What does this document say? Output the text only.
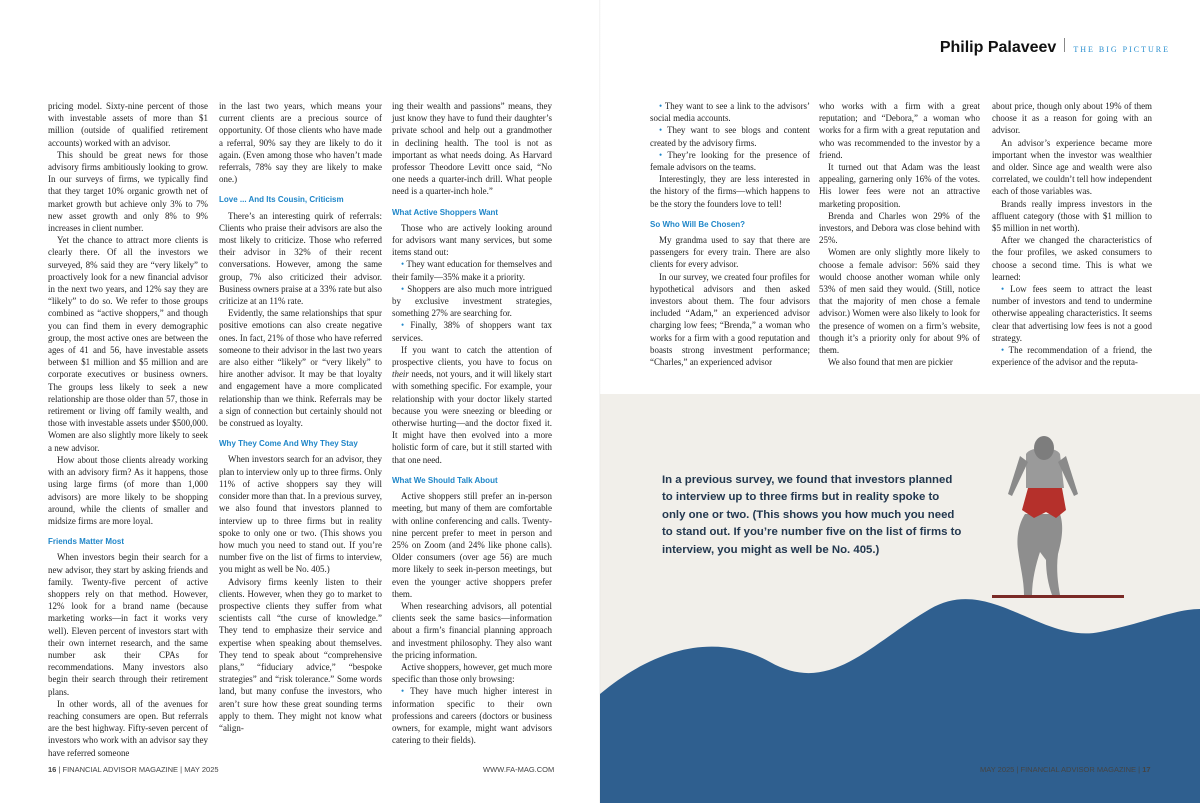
pricing model. Sixty-nine percent of those with investable assets of more than $1 million (outside of qualified retirement accounts) worked with an advisor.

This should be great news for those advisory firms ambitiously looking to grow. In our surveys of firms, we typically find that they target 10% organic growth net of market growth but achieve only 3% to 7% new asset growth and only 8% to 9% increases in client number.

Yet the chance to attract more clients is clearly there. Of all the investors we surveyed, 8% said they are “very likely” to proactively look for a new financial advisor in the next two years, and 12% say they are “likely” to do so. We refer to those groups combined as “active shoppers,” and though you can find them in every demographic group, the most active ones are between the ages of 41 and 56, have investable assets between $1 million and $5 million and are corporate executives or business owners. The groups less likely to seek a new relationship are those older than 57, those in retirement or living off family wealth, and those with investable assets under $500,000. Women are also slightly more likely to seek a new advisor.

How about those clients already working with an advisory firm? As it happens, those using large firms (of more than 1,000 advisors) are more likely to be shopping around, while the clients of smaller and midsize firms are more loyal.

Friends Matter Most

When investors begin their search for a new advisor, they start by asking friends and family. Twenty-five percent of active shoppers rely on that method. However, 12% look for a brand name (because marketing works—in fact it works very well). Eleven percent of investors start with their own internet research, and the same number ask their CPAs for recommendations. Many investors also begin their search through their retirement plans.

In other words, all of the avenues for reaching consumers are open. But referrals are the best highway. Fifty-seven percent of investors who work with an advisor say they have referred someone

in the last two years, which means your current clients are a precious source of opportunity. Of those clients who have made a referral, 90% say they are likely to do it again. (Even among those who haven’t made referrals, 78% say they are likely to make one.)

Love ... And Its Cousin, Criticism

There’s an interesting quirk of referrals: Clients who praise their advisors are also the most likely to criticize. Those who referred their advisor in 32% of their recent conversations. However, among the same group, 7% also criticized their advisor. Business owners praise at a 33% rate but also criticize at an 11% rate.

Evidently, the same relationships that spur positive emotions can also create negative ones. In fact, 21% of those who have referred someone to their advisor in the last two years are also either “likely” or “very likely” to hire another advisor. It may be that loyalty and engagement have a more complicated relationship than we think. Referrals may be a sign of connection but certainly should not be construed as loyalty.

Why They Come And Why They Stay

When investors search for an advisor, they plan to interview only up to three firms. Only 11% of active shoppers say they will consider more than that. In a previous survey, we also found that investors planned to interview up to three firms but in reality spoke to only one or two. (This shows you how much you need to stand out. If you’re number five on the list of firms to interview, you might as well be No. 405.)

Advisory firms keenly listen to their clients. However, when they go to market to prospective clients they suffer from what scientists call “the curse of knowledge.” They tend to emphasize their service and expertise when speaking about themselves. They tend to speak about “comprehensive plans,” “fiduciary advice,” “bespoke strategies” and “risk tolerance.” Some words land, but many confuse the investors, who aren’t sure how these great sounding terms apply to them. They might not know what “align-

ing their wealth and passions” means, they just know they have to fund their daughter’s private school and help out a grandmother in declining health. The tool is not as important as what needs doing. As Harvard professor Theodore Levitt once said, “No one needs a quarter-inch drill. What people need is a quarter-inch hole.”

What Active Shoppers Want

Those who are actively looking around for advisors want many services, but some items stand out:

• They want education for themselves and their family—35% make it a priority.

• Shoppers are also much more intrigued by exclusive investment strategies, something 27% are searching for.

• Finally, 38% of shoppers want tax services.

If you want to catch the attention of prospective clients, you have to focus on their needs, not yours, and it will likely start with something specific. For example, your relationship with your doctor likely started because you were sneezing or bleeding or otherwise hurting—and the doctor fixed it. It might have then evolved into a more holistic form of care, but it still started with that one need.

What We Should Talk About

Active shoppers still prefer an in-person meeting, but many of them are comfortable with online conferencing and calls. Twenty-nine percent prefer to meet in person and 25% on Zoom (and 24% like phone calls). Older consumers (over age 56) are much more likely to seek in-person meetings, but even the younger active shoppers prefer them.

When researching advisors, all potential clients seek the same basics—information about a firm’s financial planning approach and investment philosophy. They also want the pricing information.

Active shoppers, however, get much more specific than those only browsing:

• They have much higher interest in information specific to their own professions and careers (doctors or business owners, for example, might want advisors catering to their fields).

16 | FINANCIAL ADVISOR MAGAZINE | MAY 2025	WWW.FA-MAG.COM
Philip Palaveev THE BIG PICTURE

• They want to see a link to the advisors’ social media accounts.

• They want to see blogs and content created by the advisory firms.

• They’re looking for the presence of female advisors on the teams.

Interestingly, they are less interested in the history of the firms—which happens to be the story the founders love to tell!

So Who Will Be Chosen?

My grandma used to say that there are passengers for every train. There are also clients for every advisor.

In our survey, we created four profiles for hypothetical advisors and then asked investors about them. The four advisors included “Adam,” an experienced advisor charging low fees; “Brenda,” a woman who works for a firm with a good reputation and boasts strong investment performance; “Charles,” an experienced advisor

who works with a firm with a great reputation; and “Debora,” a woman who works for a firm with a great reputation and who was recommended to the investor by a friend.

It turned out that Adam was the least appealing, garnering only 16% of the votes. His lower fees were not an attractive marketing proposition.

Brenda and Charles won 29% of the investors, and Debora was close behind with 25%.

Women are only slightly more likely to choose a female advisor: 56% said they would choose another woman while only 53% of men said they would. (Still, notice that the majority of men chose a female advisor.) Women were also likely to look for the presence of women on a firm’s website, though it’s a priority only for about 9% of them.

We also found that men are pickier

about price, though only about 19% of them choose it as a reason for going with an advisor.

An advisor’s experience became more important when the investor was wealthier and older. Since age and wealth were also correlated, we couldn’t tell how independent each of those variables was.

Brands really impress investors in the affluent category (those with $1 million to $5 million in net worth).

After we changed the characteristics of the four profiles, we asked consumers to choose a second time. This is what we learned:

• Low fees seem to attract the least number of investors and tend to undermine otherwise appealing characteristics. It seems clear that advertising low fees is not a good strategy.

• The recommendation of a friend, the experience of the advisor and the reputa-

In a previous survey, we found that investors planned to interview up to three firms but in reality spoke to only one or two. (This shows you how much you need to stand out. If you’re number five on the list of firms to interview, you might as well be No. 405.)
MAY 2025 | FINANCIAL ADVISOR MAGAZINE | 17
